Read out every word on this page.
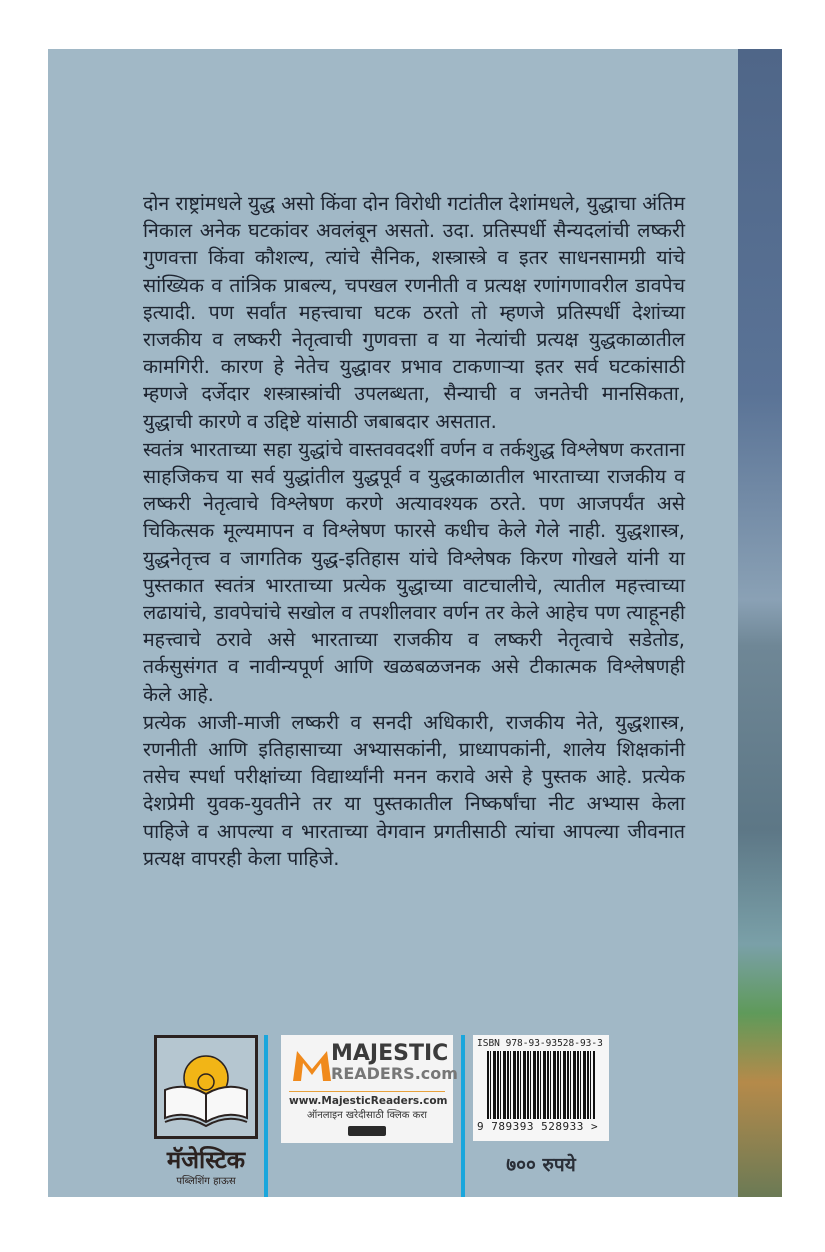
दोन राष्ट्रांमधले युद्ध असो किंवा दोन विरोधी गटांतील देशांमधले, युद्धाचा अंतिम निकाल अनेक घटकांवर अवलंबून असतो. उदा. प्रतिस्पर्धी सैन्यदलांची लष्करी गुणवत्ता किंवा कौशल्य, त्यांचे सैनिक, शस्त्रास्त्रे व इतर साधनसामग्री यांचे सांख्यिक व तांत्रिक प्राबल्य, चपखल रणनीती व प्रत्यक्ष रणांगणावरील डावपेच इत्यादी. पण सर्वांत महत्त्वाचा घटक ठरतो तो म्हणजे प्रतिस्पर्धी देशांच्या राजकीय व लष्करी नेतृत्वाची गुणवत्ता व या नेत्यांची प्रत्यक्ष युद्धकाळातील कामगिरी. कारण हे नेतेच युद्धावर प्रभाव टाकणाऱ्या इतर सर्व घटकांसाठी म्हणजे दर्जेदार शस्त्रास्त्रांची उपलब्धता, सैन्याची व जनतेची मानसिकता, युद्धाची कारणे व उद्दिष्टे यांसाठी जबाबदार असतात.

स्वतंत्र भारताच्या सहा युद्धांचे वास्तववदर्शी वर्णन व तर्कशुद्ध विश्लेषण करताना साहजिकच या सर्व युद्धांतील युद्धपूर्व व युद्धकाळातील भारताच्या राजकीय व लष्करी नेतृत्वाचे विश्लेषण करणे अत्यावश्यक ठरते. पण आजपर्यंत असे चिकित्सक मूल्यमापन व विश्लेषण फारसे कधीच केले गेले नाही. युद्धशास्त्र, युद्धनेतृत्त्व व जागतिक युद्ध-इतिहास यांचे विश्लेषक किरण गोखले यांनी या पुस्तकात स्वतंत्र भारताच्या प्रत्येक युद्धाच्या वाटचालीचे, त्यातील महत्त्वाच्या लढायांचे, डावपेचांचे सखोल व तपशीलवार वर्णन तर केले आहेच पण त्याहूनही महत्त्वाचे ठरावे असे भारताच्या राजकीय व लष्करी नेतृत्वाचे सडेतोड, तर्कसुसंगत व नावीन्यपूर्ण आणि खळबळजनक असे टीकात्मक विश्लेषणही केले आहे.

प्रत्येक आजी-माजी लष्करी व सनदी अधिकारी, राजकीय नेते, युद्धशास्त्र, रणनीती आणि इतिहासाच्या अभ्यासकांनी, प्राध्यापकांनी, शालेय शिक्षकांनी तसेच स्पर्धा परीक्षांच्या विद्यार्थ्यांनी मनन करावे असे हे पुस्तक आहे. प्रत्येक देशप्रेमी युवक-युवतीने तर या पुस्तकातील निष्कर्षांचा नीट अभ्यास केला पाहिजे व आपल्या व भारताच्या वेगवान प्रगतीसाठी त्यांचा आपल्या जीवनात प्रत्यक्ष वापरही केला पाहिजे.

मॅजेस्टिक
पब्लिशिंग हाऊस
MAJESTIC
READERS.com
www.MajesticReaders.com
ऑनलाइन खरेदीसाठी क्लिक करा
ISBN 978-93-93528-93-3
9 789393 528933 >
७०० रुपये
